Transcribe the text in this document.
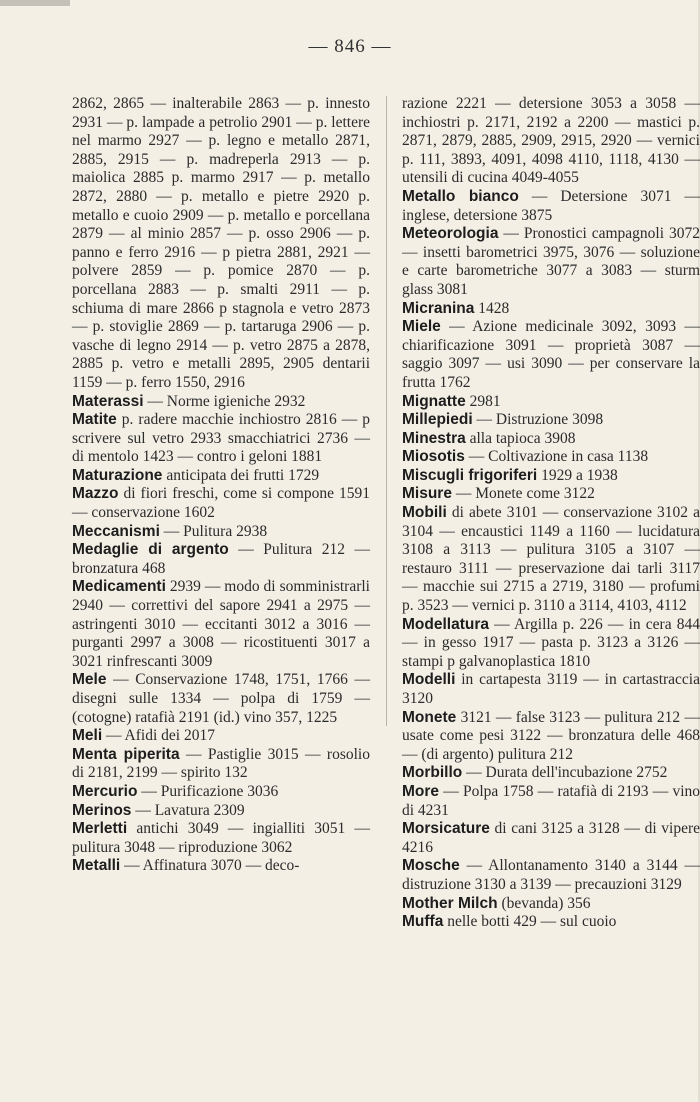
— 846 —
2862, 2865 — inalterabile 2863 — p. innesto 2931 — p. lampade a petrolio 2901 — p. lettere nel marmo 2927 — p. legno e metallo 2871, 2885, 2915 — p. madreperla 2913 — p. maiolica 2885 p. marmo 2917 — p. metallo 2872, 2880 — p. metallo e pietre 2920 p. metallo e cuoio 2909 — p. metallo e porcellana 2879 — al minio 2857 — p. osso 2906 — p. panno e ferro 2916 — p pietra 2881, 2921 — polvere 2859 — p. pomice 2870 — p. porcellana 2883 — p. smalti 2911 — p. schiuma di mare 2866 p stagnola e vetro 2873 — p. stoviglie 2869 — p. tartaruga 2906 — p. vasche di legno 2914 — p. vetro 2875 a 2878, 2885 p. vetro e metalli 2895, 2905 dentarii 1159 — p. ferro 1550, 2916
Materassi — Norme igieniche 2932
Matite p. radere macchie inchiostro 2816 — p scrivere sul vetro 2933 smacchiatrici 2736 — di mentolo 1423 — contro i geloni 1881
Maturazione anticipata dei frutti 1729
Mazzo di fiori freschi, come si compone 1591 — conservazione 1602
Meccanismi — Pulitura 2938
Medaglie di argento — Pulitura 212 — bronzatura 468
Medicamenti 2939 — modo di somministrarli 2940 — correttivi del sapore 2941 a 2975 — astringenti 3010 — eccitanti 3012 a 3016 — purganti 2997 a 3008 — ricostituenti 3017 a 3021 rinfrescanti 3009
Mele — Conservazione 1748, 1751, 1766 — disegni sulle 1334 — polpa di 1759 — (cotogne) ratafià 2191 (id.) vino 357, 1225
Meli — Afidi dei 2017
Menta piperita — Pastiglie 3015 — rosolio di 2181, 2199 — spirito 132
Mercurio — Purificazione 3036
Merinos — Lavatura 2309
Merletti antichi 3049 — ingialliti 3051 — pulitura 3048 — riproduzione 3062
Metalli — Affinatura 3070 — deco-
razione 2221 — detersione 3053 a 3058 — inchiostri p. 2171, 2192 a 2200 — mastici p. 2871, 2879, 2885, 2909, 2915, 2920 — vernici p. 111, 3893, 4091, 4098 4110, 1118, 4130 — utensili di cucina 4049-4055
Metallo bianco — Detersione 3071 — inglese, detersione 3875
Meteorologia — Pronostici campagnoli 3072 — insetti barometrici 3975, 3076 — soluzione e carte barometriche 3077 a 3083 — sturm glass 3081
Micranina 1428
Miele — Azione medicinale 3092, 3093 — chiarificazione 3091 — proprietà 3087 — saggio 3097 — usi 3090 — per conservare la frutta 1762
Mignatte 2981
Millepiedi — Distruzione 3098
Minestra alla tapioca 3908
Miosotis — Coltivazione in casa 1138
Miscugli frigoriferi 1929 a 1938
Misure — Monete come 3122
Mobili di abete 3101 — conservazione 3102 a 3104 — encaustici 1149 a 1160 — lucidatura 3108 a 3113 — pulitura 3105 a 3107 — restauro 3111 — preservazione dai tarli 3117 — macchie sui 2715 a 2719, 3180 — profumi p. 3523 — vernici p. 3110 a 3114, 4103, 4112
Modellatura — Argilla p. 226 — in cera 844 — in gesso 1917 — pasta p. 3123 a 3126 — stampi p galvanoplastica 1810
Modelli in cartapesta 3119 — in cartastraccia 3120
Monete 3121 — false 3123 — pulitura 212 — usate come pesi 3122 — bronzatura delle 468 — (di argento) pulitura 212
Morbillo — Durata dell'incubazione 2752
More — Polpa 1758 — ratafià di 2193 — vino di 4231
Morsicature di cani 3125 a 3128 — di vipere 4216
Mosche — Allontanamento 3140 a 3144 — distruzione 3130 a 3139 — precauzioni 3129
Mother Milch (bevanda) 356
Muffa nelle botti 429 — sul cuoio
